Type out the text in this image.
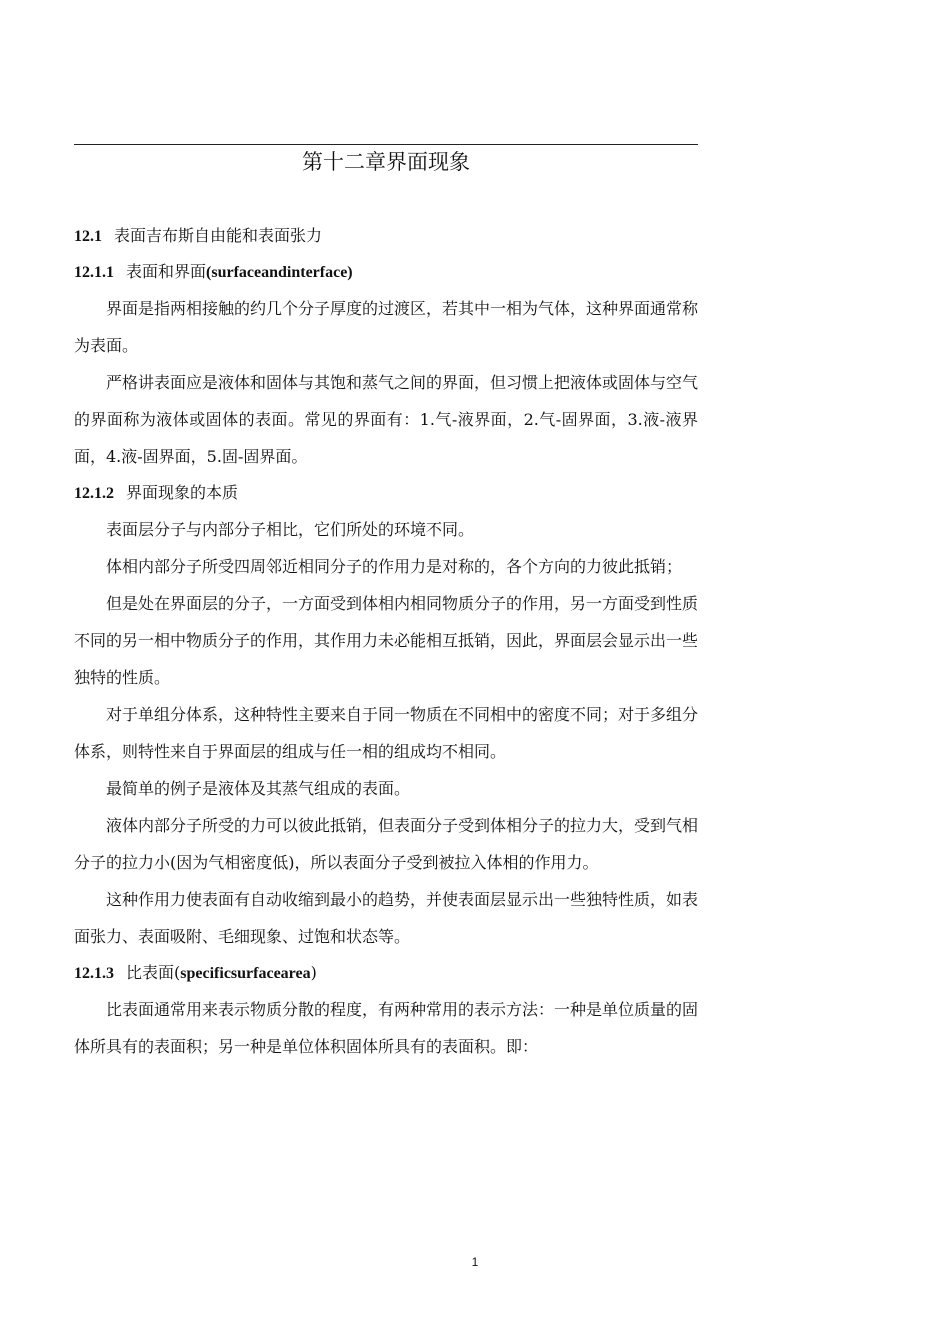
第十二章界面现象
12.1 表面吉布斯自由能和表面张力
12.1.1 表面和界面(surfaceandinterface)

界面是指两相接触的约几个分子厚度的过渡区，若其中一相为气体，这种界面通常称为表面。

严格讲表面应是液体和固体与其饱和蒸气之间的界面，但习惯上把液体或固体与空气的界面称为液体或固体的表面。常见的界面有：1.气-液界面，2.气-固界面，3.液-液界面，4.液-固界面，5.固-固界面。

12.1.2 界面现象的本质

表面层分子与内部分子相比，它们所处的环境不同。

体相内部分子所受四周邻近相同分子的作用力是对称的，各个方向的力彼此抵销；

但是处在界面层的分子，一方面受到体相内相同物质分子的作用，另一方面受到性质不同的另一相中物质分子的作用，其作用力未必能相互抵销，因此，界面层会显示出一些独特的性质。

对于单组分体系，这种特性主要来自于同一物质在不同相中的密度不同；对于多组分体系，则特性来自于界面层的组成与任一相的组成均不相同。

最简单的例子是液体及其蒸气组成的表面。

液体内部分子所受的力可以彼此抵销，但表面分子受到体相分子的拉力大，受到气相分子的拉力小(因为气相密度低)，所以表面分子受到被拉入体相的作用力。

这种作用力使表面有自动收缩到最小的趋势，并使表面层显示出一些独特性质，如表面张力、表面吸附、毛细现象、过饱和状态等。

12.1.3 比表面(specificsurfacearea)

比表面通常用来表示物质分散的程度，有两种常用的表示方法：一种是单位质量的固体所具有的表面积；另一种是单位体积固体所具有的表面积。即：

1
